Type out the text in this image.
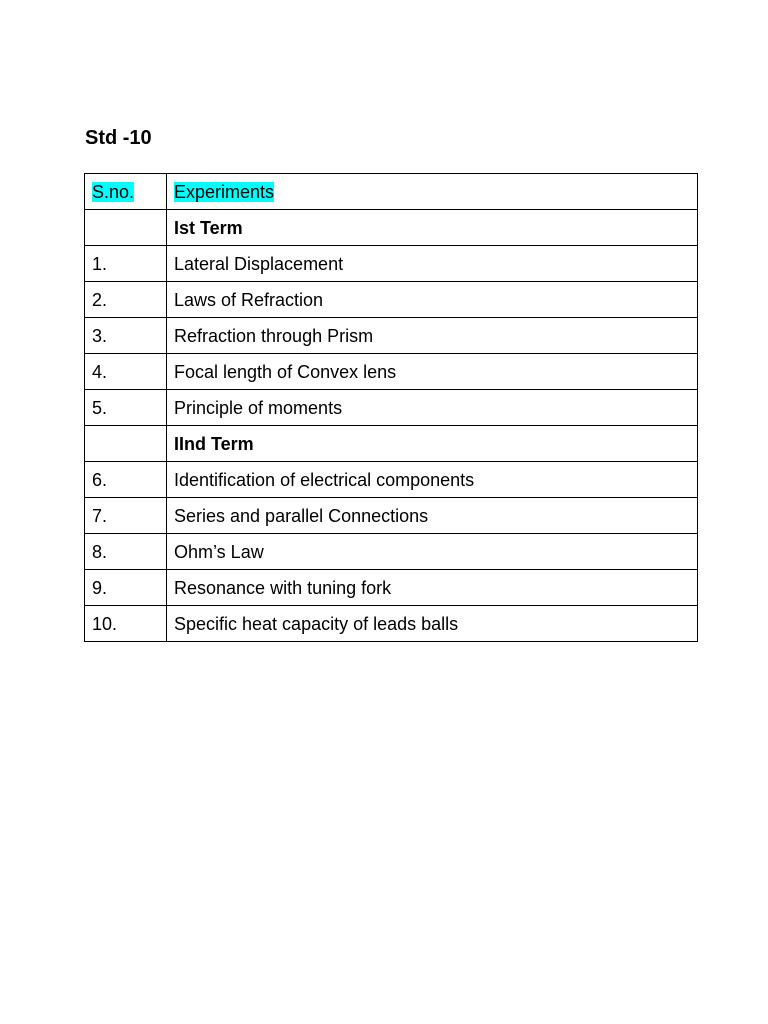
Std -10
S.no.	Experiments
	Ist Term
1.	Lateral Displacement
2.	Laws of Refraction
3.	Refraction through Prism
4.	Focal length of Convex lens
5.	Principle of moments
	IInd Term
6.	Identification of electrical components
7.	Series and parallel Connections
8.	Ohm’s Law
9.	Resonance with tuning fork
10.	Specific heat capacity of leads balls
